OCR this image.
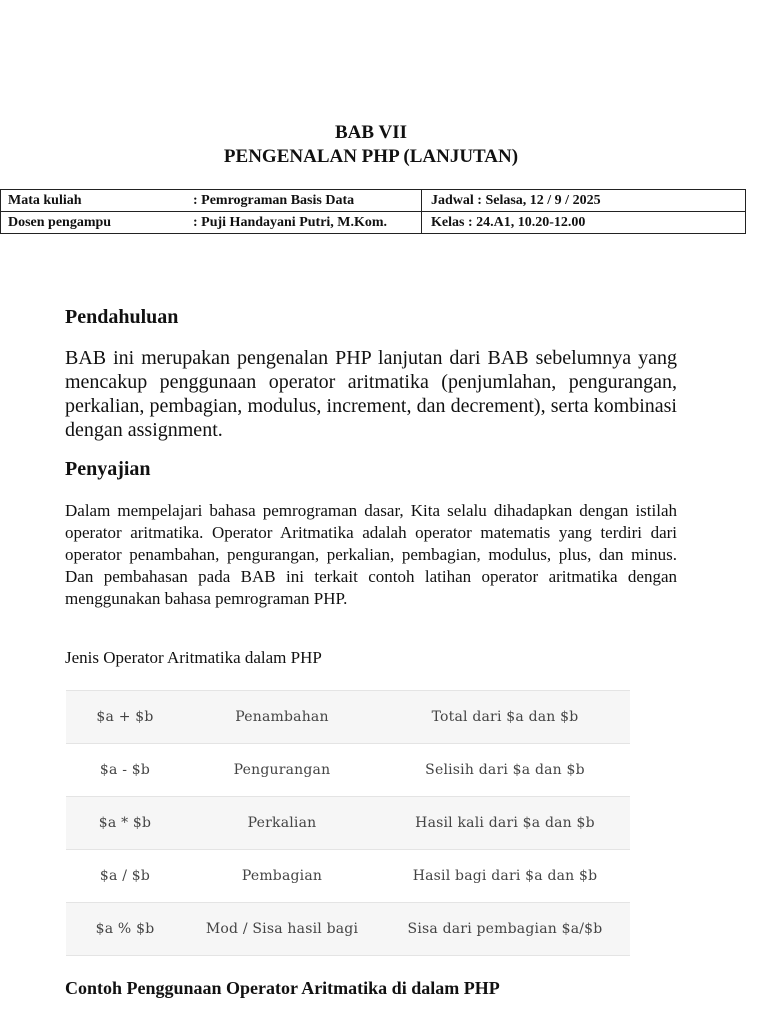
BAB VII
PENGENALAN PHP (LANJUTAN)
Mata kuliah	: Pemrograman Basis Data	Jadwal : Selasa, 12 / 9 / 2025
Dosen pengampu	: Puji Handayani Putri, M.Kom.	Kelas : 24.A1, 10.20-12.00
Pendahuluan

BAB ini merupakan pengenalan PHP lanjutan dari BAB sebelumnya yang mencakup penggunaan operator aritmatika (penjumlahan, pengurangan, perkalian, pembagian, modulus, increment, dan decrement), serta kombinasi dengan assignment.

Penyajian

Dalam mempelajari bahasa pemrograman dasar, Kita selalu dihadapkan dengan istilah operator aritmatika. Operator Aritmatika adalah operator matematis yang terdiri dari operator penambahan, pengurangan, perkalian, pembagian, modulus, plus, dan minus. Dan pembahasan pada BAB ini terkait contoh latihan operator aritmatika dengan menggunakan bahasa pemrograman PHP.

Jenis Operator Aritmatika dalam PHP

Contoh Penggunaan Operator Aritmatika di dalam PHP
$a + $b	Penambahan	Total dari $a dan $b
$a - $b	Pengurangan	Selisih dari $a dan $b
$a * $b	Perkalian	Hasil kali dari $a dan $b
$a / $b	Pembagian	Hasil bagi dari $a dan $b
$a % $b	Mod / Sisa hasil bagi	Sisa dari pembagian $a/$b
